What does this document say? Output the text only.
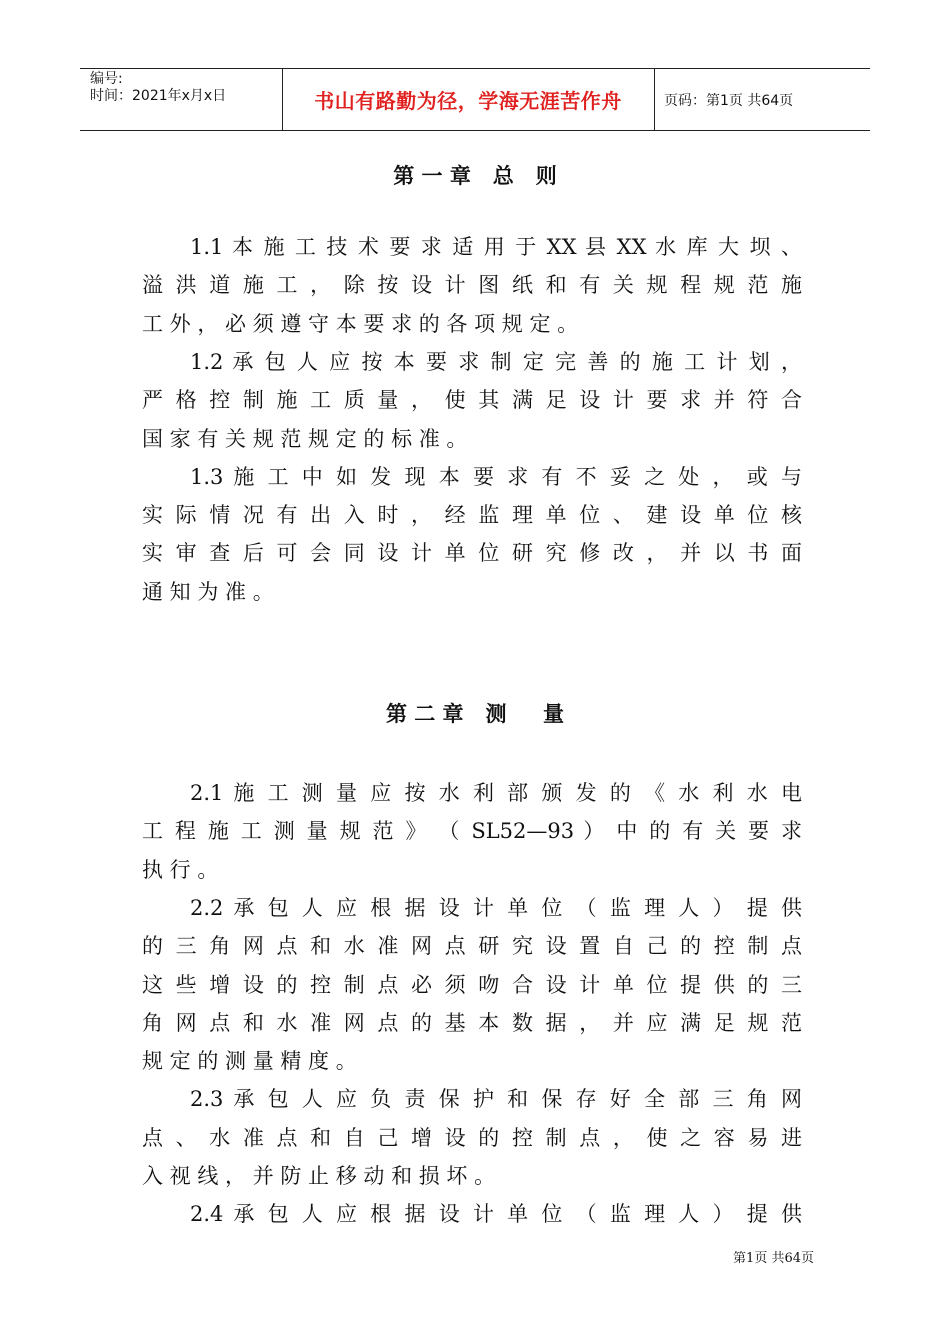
编号:
时间：2021年x月x日	书山有路勤为径，学海无涯苦作舟	页码：第1页 共64页
第 一 章   总   则
第 二 章   测     量
1.1 本 施 工 技 术 要 求 适 用 于 XX 县 XX 水 库 大 坝 、
溢 洪 道 施 工 ， 除 按 设 计 图 纸 和 有 关 规 程 规 范 施
工 外 ， 必 须 遵 守 本 要 求 的 各 项 规 定 。
1.2 承 包 人 应 按 本 要 求 制 定 完 善 的 施 工 计 划 ，
严 格 控 制 施 工 质 量 ， 使 其 满 足 设 计 要 求 并 符 合
国 家 有 关 规 范 规 定 的 标 准 。
1.3 施 工 中 如 发 现 本 要 求 有 不 妥 之 处 ， 或 与
实 际 情 况 有 出 入 时 ， 经 监 理 单 位 、 建 设 单 位 核
实 审 查 后 可 会 同 设 计 单 位 研 究 修 改 ， 并 以 书 面
通 知 为 准 。
2.1 施 工 测 量 应 按 水 利 部 颁 发 的 《 水 利 水 电
工 程 施 工 测 量 规 范 》 （ SL52—93 ） 中 的 有 关 要 求
执 行 。
2.2 承 包 人 应 根 据 设 计 单 位 （ 监 理 人 ） 提 供
的 三 角 网 点 和 水 准 网 点 研 究 设 置 自 己 的 控 制 点
这 些 增 设 的 控 制 点 必 须 吻 合 设 计 单 位 提 供 的 三
角 网 点 和 水 准 网 点 的 基 本 数 据 ， 并 应 满 足 规 范
规 定 的 测 量 精 度 。
2.3 承 包 人 应 负 责 保 护 和 保 存 好 全 部 三 角 网
点 、 水 准 点 和 自 己 增 设 的 控 制 点 ， 使 之 容 易 进
入 视 线 ， 并 防 止 移 动 和 损 坏 。
2.4 承 包 人 应 根 据 设 计 单 位 （ 监 理 人 ） 提 供
第1页 共64页
